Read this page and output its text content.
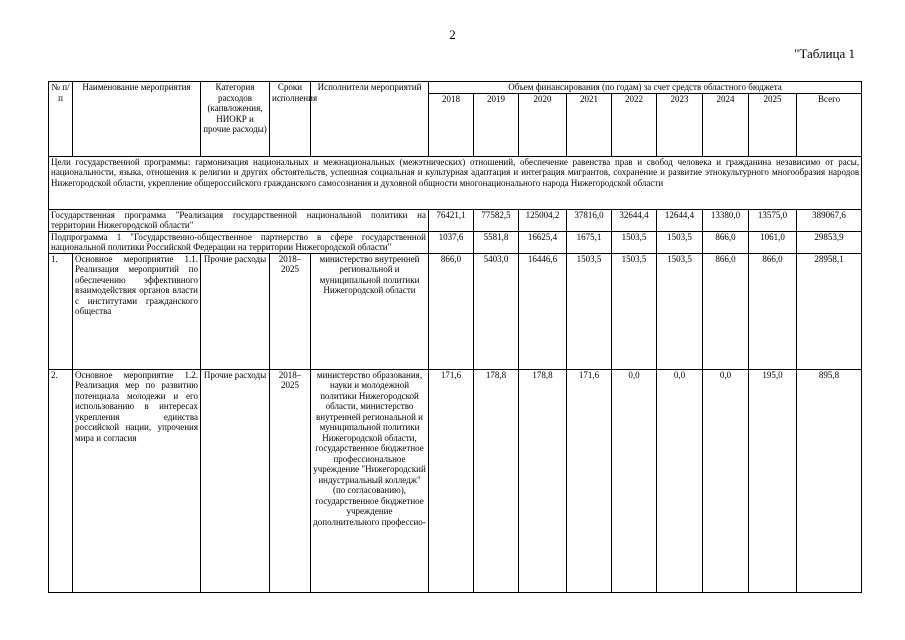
2
"Таблица 1
№ п/п	Наименование мероприятия	Категория расходов (капвложения, НИОКР и прочие расходы)	Сроки исполнения	Исполнители мероприятий	Объем финансирования (по годам) за счет средств областного бюджета								
					2018	2019	2020	2021	2022	2023	2024	2025	Всего
Цели государственной программы: гармонизация национальных и межнациональных (межэтнических) отношений, обеспечение равенства прав и свобод человека и гражданина независимо от расы, национальности, языка, отношения к религии и других обстоятельств, успешная социальная и культурная адаптация и интеграция мигрантов, сохранение и развитие этнокультурного многообразия народов Нижегородской области, укрепление общероссийского гражданского самосознания и духовной общности многонационального народа Нижегородской области													
Государственная программа "Реализация государственной национальной политики на территории Нижегородской области"					76421,1	77582,5	125004,2	37816,0	32644,4	12644,4	13380,0	13575,0	389067,6
Подпрограмма 1 "Государственно-общественное партнерство в сфере государственной национальной политики Российской Федерации на территории Нижегородской области"					1037,6	5581,8	16625,4	1675,1	1503,5	1503,5	866,0	1061,0	29853,9
1.	Основное мероприятие 1.1. Реализация мероприятий по обеспечению эффективного взаимодействия органов власти с институтами гражданского общества	Прочие расходы	2018–2025	министерство внутренней региональной и муниципальной политики Нижегородской области	866,0	5403,0	16446,6	1503,5	1503,5	1503,5	866,0	866,0	28958,1
2.	Основное мероприятие 1.2. Реализация мер по развитию потенциала молодежи и его использованию в интересах укрепления единства российской нации, упрочения мира и согласия	Прочие расходы	2018–2025	министерство образования, науки и молодежной политики Нижегородской области, министерство внутренней региональной и муниципальной политики Нижегородской области, государственное бюджетное профессиональное учреждение "Нижегородский индустриальный колледж" (по согласованию), государственное бюджетное учреждение дополнительного профессио-	171,6	178,8	178,8	171,6	0,0	0,0	0,0	195,0	895,8
